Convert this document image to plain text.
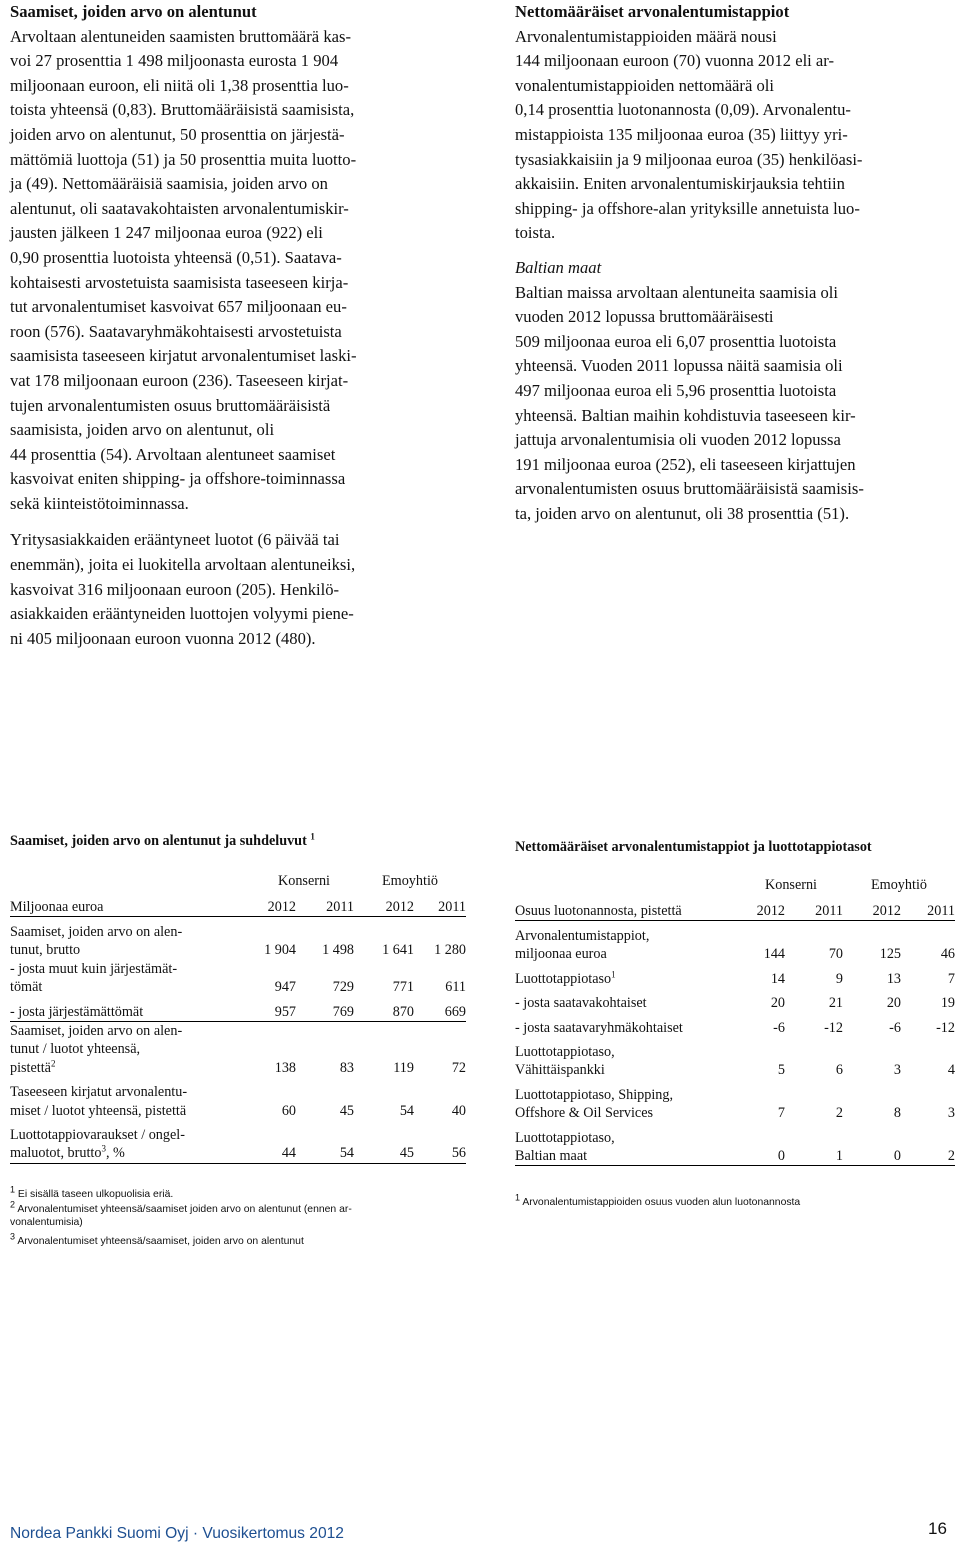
Saamiset, joiden arvo on alentunut

Arvoltaan alentuneiden saamisten bruttomäärä kas-
voi 27 prosenttia 1 498 miljoonasta eurosta 1 904
miljoonaan euroon, eli niitä oli 1,38 prosenttia luo-
toista yhteensä (0,83). Bruttomääräisistä saamisista,
joiden arvo on alentunut, 50 prosenttia on järjestä-
mättömiä luottoja (51) ja 50 prosenttia muita luotto-
ja (49). Nettomääräisiä saamisia, joiden arvo on
alentunut, oli saatavakohtaisten arvonalentumiskir-
jausten jälkeen 1 247 miljoonaa euroa (922) eli
0,90 prosenttia luotoista yhteensä (0,51). Saatava-
kohtaisesti arvostetuista saamisista taseeseen kirja-
tut arvonalentumiset kasvoivat 657 miljoonaan eu-
roon (576). Saatavaryhmäkohtaisesti arvostetuista
saamisista taseeseen kirjatut arvonalentumiset laski-
vat 178 miljoonaan euroon (236). Taseeseen kirjat-
tujen arvonalentumisten osuus bruttomääräisistä
saamisista, joiden arvo on alentunut, oli
44 prosenttia (54). Arvoltaan alentuneet saamiset
kasvoivat eniten shipping- ja offshore-toiminnassa
sekä kiinteistötoiminnassa.
Yritysasiakkaiden erääntyneet luotot (6 päivää tai
enemmän), joita ei luokitella arvoltaan alentuneiksi,
kasvoivat 316 miljoonaan euroon (205). Henkilö-
asiakkaiden erääntyneiden luottojen volyymi piene-
ni 405 miljoonaan euroon vuonna 2012 (480).

Nettomääräiset arvonalentumistappiot

Arvonalentumistappioiden määrä nousi
144 miljoonaan euroon (70) vuonna 2012 eli ar-
vonalentumistappioiden nettomäärä oli
0,14 prosenttia luotonannosta (0,09). Arvonalentu-
mistappioista 135 miljoonaa euroa (35) liittyy yri-
tysasiakkaisiin ja 9 miljoonaa euroa (35) henkilöasi-
akkaisiin. Eniten arvonalentumiskirjauksia tehtiin
shipping- ja offshore-alan yrityksille annetuista luo-
toista.

Baltian maat

Baltian maissa arvoltaan alentuneita saamisia oli
vuoden 2012 lopussa bruttomääräisesti
509 miljoonaa euroa eli 6,07 prosenttia luotoista
yhteensä. Vuoden 2011 lopussa näitä saamisia oli
497 miljoonaa euroa eli 5,96 prosenttia luotoista
yhteensä. Baltian maihin kohdistuvia taseeseen kir-
jattuja arvonalentumisia oli vuoden 2012 lopussa
191 miljoonaa euroa (252), eli taseeseen kirjattujen
arvonalentumisten osuus bruttomääräisistä saamisis-
ta, joiden arvo on alentunut, oli 38 prosenttia (51).
Saamiset, joiden arvo on alentunut ja suhdeluvut $^1$
	Konserni		Emoyhtiö	
Miljoonaa euroa	2012	2011	2012	2011

Saamiset, joiden arvo on alen-
tunut, brutto	1 904	1 498	1 641	1 280
- josta muut kuin järjestämät-
tömät	947	729	771	611

- josta järjestämättömät	957	769	870	669
Saamiset, joiden arvo on alen-
tunut / luotot yhteensä,
pistettä$^2$	138	83	119	72

Taseeseen kirjatut arvonalentu-
miset / luotot yhteensä, pistettä	60	45	54	40

Luottotappiovaraukset / ongel-
maluotot, brutto$^3$, %	44	54	45	56
$^1$ Ei sisällä taseen ulkopuolisia eriä.
$^2$ Arvonalentumiset yhteensä/saamiset joiden arvo on alentunut (ennen ar-
vonalentumisia)
$^3$ Arvonalentumiset yhteensä/saamiset, joiden arvo on alentunut
Nettomääräiset arvonalentumistappiot ja luottotappiotasot
	Konserni		Emoyhtiö	
Osuus luotonannosta, pistettä	2012	2011	2012	2011

Arvonalentumistappiot,
miljoonaa euroa	144	70	125	46

Luottotappiotaso$^1$	14	9	13	7

- josta saatavakohtaiset	20	21	20	19

- josta saatavaryhmäkohtaiset	-6	-12	-6	-12

Luottotappiotaso,
Vähittäispankki	5	6	3	4

Luottotappiotaso, Shipping,
Offshore & Oil Services	7	2	8	3

Luottotappiotaso,
Baltian maat	0	1	0	2
$^1$ Arvonalentumistappioiden osuus vuoden alun luotonannosta
Nordea Pankki Suomi Oyj · Vuosikertomus 2012	16
